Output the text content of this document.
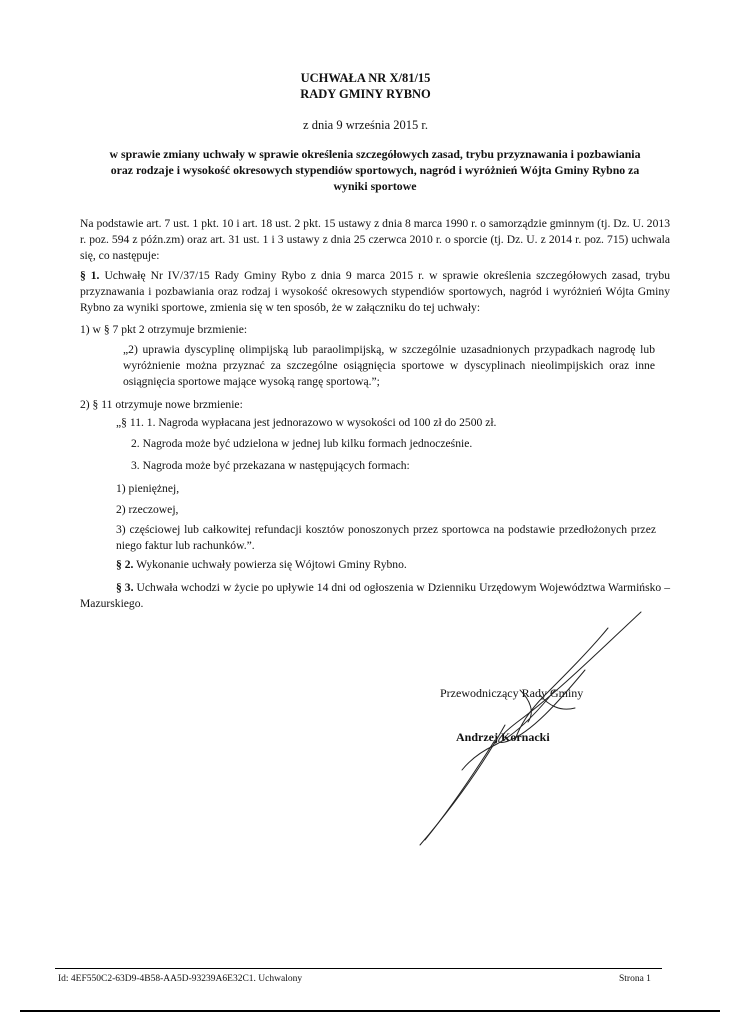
UCHWAŁA NR X/81/15
RADY GMINY RYBNO
z dnia 9 września 2015 r.
w sprawie zmiany uchwały w sprawie określenia szczegółowych zasad, trybu przyznawania i pozbawiania
oraz rodzaje i wysokość okresowych stypendiów sportowych, nagród i wyróżnień Wójta Gminy Rybno za
wyniki sportowe
Na podstawie art. 7 ust. 1 pkt. 10 i art. 18 ust. 2 pkt. 15 ustawy z dnia 8 marca 1990 r. o samorządzie gminnym (tj. Dz. U. 2013 r. poz. 594 z późn.zm) oraz art. 31 ust. 1 i 3 ustawy z dnia 25 czerwca 2010 r. o sporcie (tj. Dz. U. z 2014 r. poz. 715) uchwala się, co następuje:
§ 1. Uchwałę Nr IV/37/15 Rady Gminy Rybo z dnia 9 marca 2015 r. w sprawie określenia szczegółowych zasad, trybu przyznawania i pozbawiania oraz rodzaj i wysokość okresowych stypendiów sportowych, nagród i wyróżnień Wójta Gminy Rybno za wyniki sportowe, zmienia się w ten sposób, że w załączniku do tej uchwały:
1) w § 7 pkt 2 otrzymuje brzmienie:
„2) uprawia dyscyplinę olimpijską lub paraolimpijską, w szczególnie uzasadnionych przypadkach nagrodę lub wyróżnienie można przyznać za szczególne osiągnięcia sportowe w dyscyplinach nieolimpijskich oraz inne osiągnięcia sportowe mające wysoką rangę sportową.”;
2) § 11 otrzymuje nowe brzmienie:
„§ 11. 1. Nagroda wypłacana jest jednorazowo w wysokości od 100 zł do 2500 zł.
2. Nagroda może być udzielona w jednej lub kilku formach jednocześnie.
3. Nagroda może być przekazana w następujących formach:
1) pieniężnej,
2) rzeczowej,
3) częściowej lub całkowitej refundacji kosztów ponoszonych przez sportowca na podstawie przedłożonych przez niego faktur lub rachunków.”.
§ 2. Wykonanie uchwały powierza się Wójtowi Gminy Rybno.
§ 3. Uchwała wchodzi w życie po upływie 14 dni od ogłoszenia w Dzienniku Urzędowym Województwa Warmińsko – Mazurskiego.
Przewodniczący Rady Gminy
Andrzej Kornacki
Id: 4EF550C2-63D9-4B58-AA5D-93239A6E32C1. Uchwalony	Strona 1
